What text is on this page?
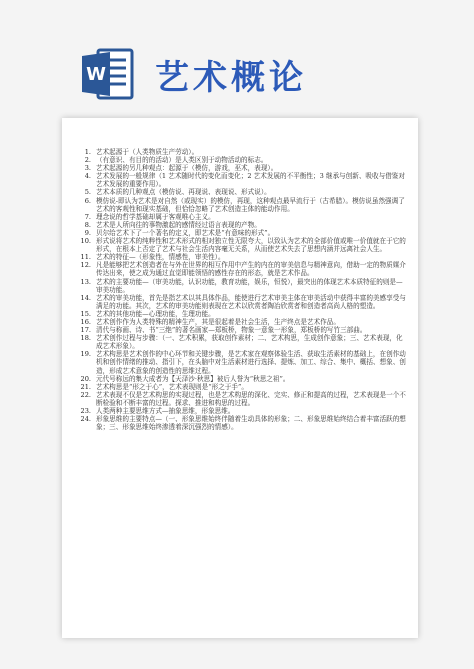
W 艺术概论
1. 艺术起源于（人类物质生产劳动）。
2. （有意识、有目的的活动）是人类区别于动物活动的标志。
3. 艺术起源的另几种观点：起源于（模仿，游戏，巫术，表现）。
4. 艺术发展的一般规律（1 艺术随时代的变化而变化；2 艺术发展的不平衡性；3 继承与创新、吸收与借鉴对艺术发展的重要作用）。
5. 艺术本质的几种观点（模仿说、再现说、表现说、形式说）。
6. 模仿说-即认为艺术是对自然（或现实）的模仿，再现，这种观点最早流行于（古希腊）。模仿说虽然强调了艺术的客观性和现实基础，但恰恰忽略了艺术创造主体的能动作用。
7. 理念说的哲学基础却属于客观唯心主义。
8. 艺术是人所向往的事物激起的感情经过语言表现的产物。
9. 贝尔给艺术下了一个著名的定义，即艺术是“有意味的形式”。
10. 形式说将艺术的纯粹性和艺术形式的相对独立性无限夸大，以致认为艺术的全部价值或唯一价值就在于它的形式，在根本上否定了艺术与社会生活内容毫无关系，从而使艺术失去了思想内涵并远离社会人生。
11. 艺术的特征—（形象性，情感性，审美性）。
12. 凡是能够把艺术创造者在与外在世界的相互作用中产生的内在的审美信息与精神意向，借助一定的物质媒介传达出来，使之成为通过直觉即能领悟的感性存在的形态，就是艺术作品。
13. 艺术的主要功能—（审美功能，认识功能，教育功能，娱乐，恒悦），最突出的体现艺术本质特征的则是—审美功能。
14. 艺术的审美功能，首先是指艺术以其具体作品，能使进行艺术审美主体在审美活动中获得丰富的美感享受与满足的功能。其次，艺术的审美功能则表现在艺术以欣赏者陶冶欣赏者和创造者高尚人格的塑造。
15. 艺术的其他功能—心理功能，生理功能。
16. 艺术创作作为人类特殊的精神生产，其是很起着是社会生活，生产终点是艺术作品。
17. 清代与称画、诗、书“三绝”的著名画家—郑板桥，物象一意象一形象，郑板桥的写竹三部曲。
18. 艺术创作过程与步骤：（一、艺术积累，获取创作素材；二、艺术构思，生成创作意象；三、艺术表现，化成艺术形象）。
19. 艺术构思是艺术创作的中心环节和关键步骤，是艺术家在观察体验生活、获取生活素材的基础上，在创作动机和创作情绪的推动、指引下，在头脑中对生活素材进行选择、提炼、加工、综合、集中、概括、想象、创造，形成艺术意象的创造性的思维过程。
20. 元代号称远的集大成者为【天泽沙·秋思】被后人誉为“秋思之祖”。
21. 艺术构思是“形之于心”，艺术表现则是“形之于手”。
22. 艺术表现不仅是艺术构思的实现过程，也是艺术构思的深化、完实、修正和提高的过程，艺术表现是一个不断检验和不断丰富的过程。探求、推进和构思的过程。
23. 人类两种主要思维方式—抽象思维，形象思维。
24. 形象思维的主要特点—（一、形象思维始终伴随着生动具体的形象；二、形象思维始终结合着丰富活跃的想象；三、形象思维始终渗透着深沉强烈的情感）。
